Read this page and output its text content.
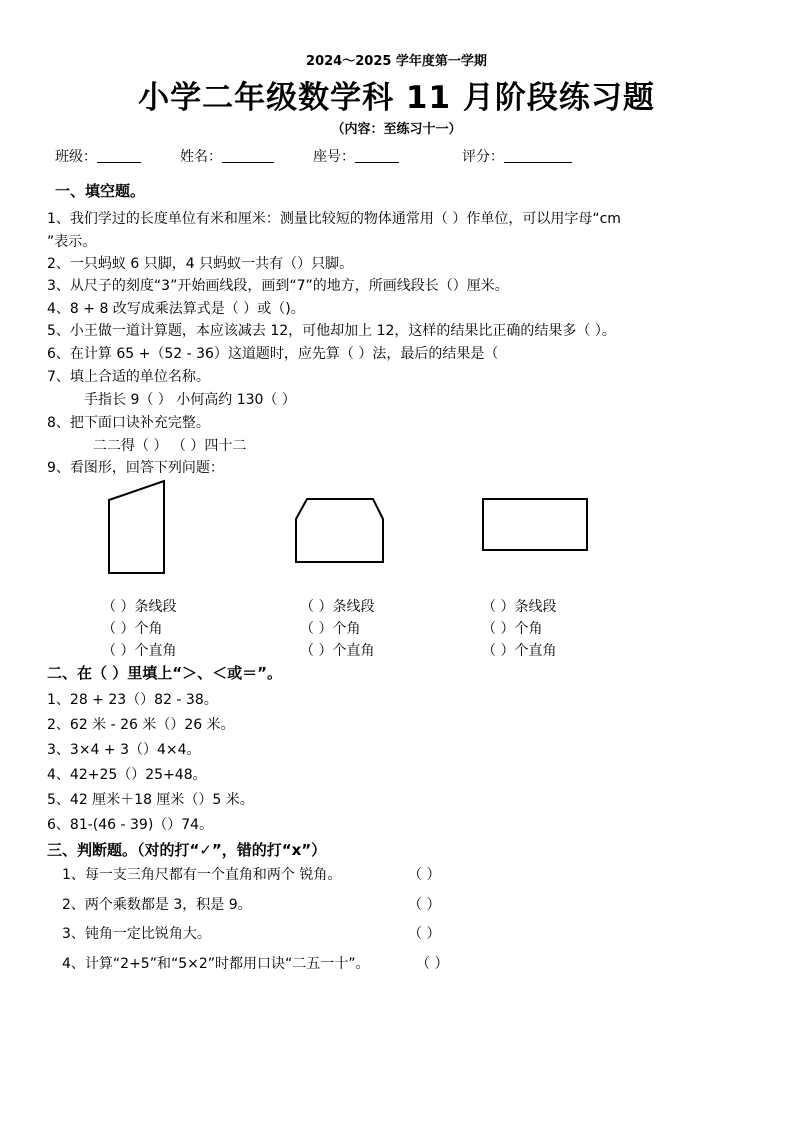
2024～2025 学年度第一学期
小学二年级数学科 11 月阶段练习题
（内容：至练习十一）
班级：	姓名：	座号：	评分：
一、填空题。
1、我们学过的长度单位有米和厘米：测量比较短的物体通常用（ ）作单位，可以用字母“cm
”表示。
2、一只蚂蚁 6 只脚，4 只蚂蚁一共有（）只脚。
3、从尺子的刻度“3”开始画线段，画到“7”的地方，所画线段长（）厘米。
4、8 + 8 改写成乘法算式是（ ）或（)。
5、小王做一道计算题，本应该减去 12，可他却加上 12，这样的结果比正确的结果多（ ）。
6、在计算 65 +（52 - 36）这道题时，应先算（ ）法，最后的结果是（
7、填上合适的单位名称。
手指长 9（ ） 小何高约 130（ ）
8、把下面口诀补充完整。
二二得（ ） （ ）四十二
9、看图形，回答下列问题：
（ ）条线段
（ ）个角
（ ）个直角
（ ）条线段
（ ）个角
（ ）个直角
（ ）条线段
（ ）个角
（ ）个直角
二、在（ ）里填上“＞、＜或＝”。
1、28 + 23（）82 - 38。
2、62 米 - 26 米（）26 米。
3、3×4 + 3（）4×4。
4、42+25（）25+48。
5、42 厘米＋18 厘米（）5 米。
6、81-(46 - 39)（）74。
三、判断题。（对的打“✓”，错的打“x”）
1、每一支三角尺都有一个直角和两个 锐角。	（ ）
2、两个乘数都是 3，积是 9。	（ ）
3、钝角一定比锐角大。	（ ）
4、计算“2+5”和“5×2”时都用口诀“二五一十”。	（ ）
